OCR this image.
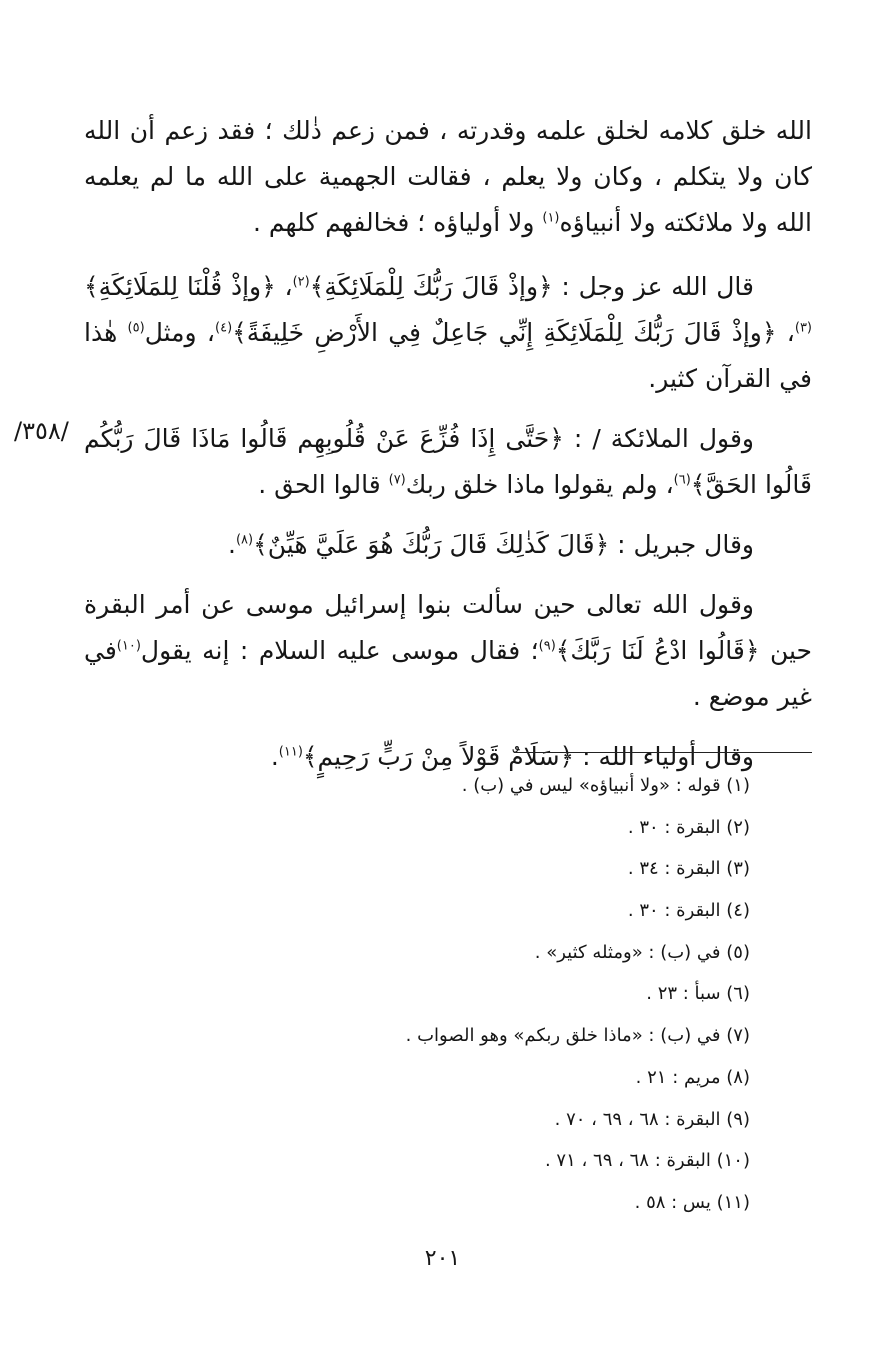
الله خلق كلامه لخلق علمه وقدرته ، فمن زعم ذٰلك ؛ فقد زعم أن الله كان ولا يتكلم ، وكان ولا يعلم ، فقالت الجهمية على الله ما لم يعلمه الله ولا ملائكته ولا أنبياؤه$^{(١)}$ ولا أولياؤه ؛ فخالفهم كلهم .

قال الله عز وجل : ﴿وإذْ قَالَ رَبُّكَ لِلْمَلَائِكَةِ﴾$^{(٢)}$، ﴿وإذْ قُلْنَا لِلمَلَائِكَةِ﴾$^{(٣)}$، ﴿وإذْ قَالَ رَبُّكَ لِلْمَلَائِكَةِ إِنِّي جَاعِلٌ فِي الأَرْضِ خَلِيفَةً﴾$^{(٤)}$، ومثل$^{(٥)}$ هٰذا في القرآن كثير.

وقول الملائكة / : ﴿حَتَّى إِذَا فُزِّعَ عَنْ قُلُوبِهِم قَالُوا مَاذَا قَالَ رَبُّكُم قَالُوا الحَقَّ﴾$^{(٦)}$، ولم يقولوا ماذا خلق ربك$^{(٧)}$ قالوا الحق .

وقال جبريل : ﴿قَالَ كَذٰلِكَ قَالَ رَبُّكَ هُوَ عَلَيَّ هَيِّنٌ﴾$^{(٨)}$.

وقول الله تعالى حين سألت بنوا إسرائيل موسى عن أمر البقرة حين ﴿قَالُوا ادْعُ لَنَا رَبَّكَ﴾$^{(٩)}$؛ فقال موسى عليه السلام : إنه يقول$^{(١٠)}$في غير موضع .

وقال أولياء الله : ﴿سَلَامٌ قَوْلاً مِنْ رَبٍّ رَحِيمٍ﴾$^{(١١)}$.

/٣٥٨/
(١) قوله : «ولا أنبياؤه» ليس في (ب) .
(٢) البقرة : ٣٠ .
(٣) البقرة : ٣٤ .
(٤) البقرة : ٣٠ .
(٥) في (ب) : «ومثله كثير» .
(٦) سبأ : ٢٣ .
(٧) في (ب) : «ماذا خلق ربكم» وهو الصواب .
(٨) مريم : ٢١ .
(٩) البقرة : ٦٨ ، ٦٩ ، ٧٠ .
(١٠) البقرة : ٦٨ ، ٦٩ ، ٧١ .
(١١) يس : ٥٨ .
٢٠١
